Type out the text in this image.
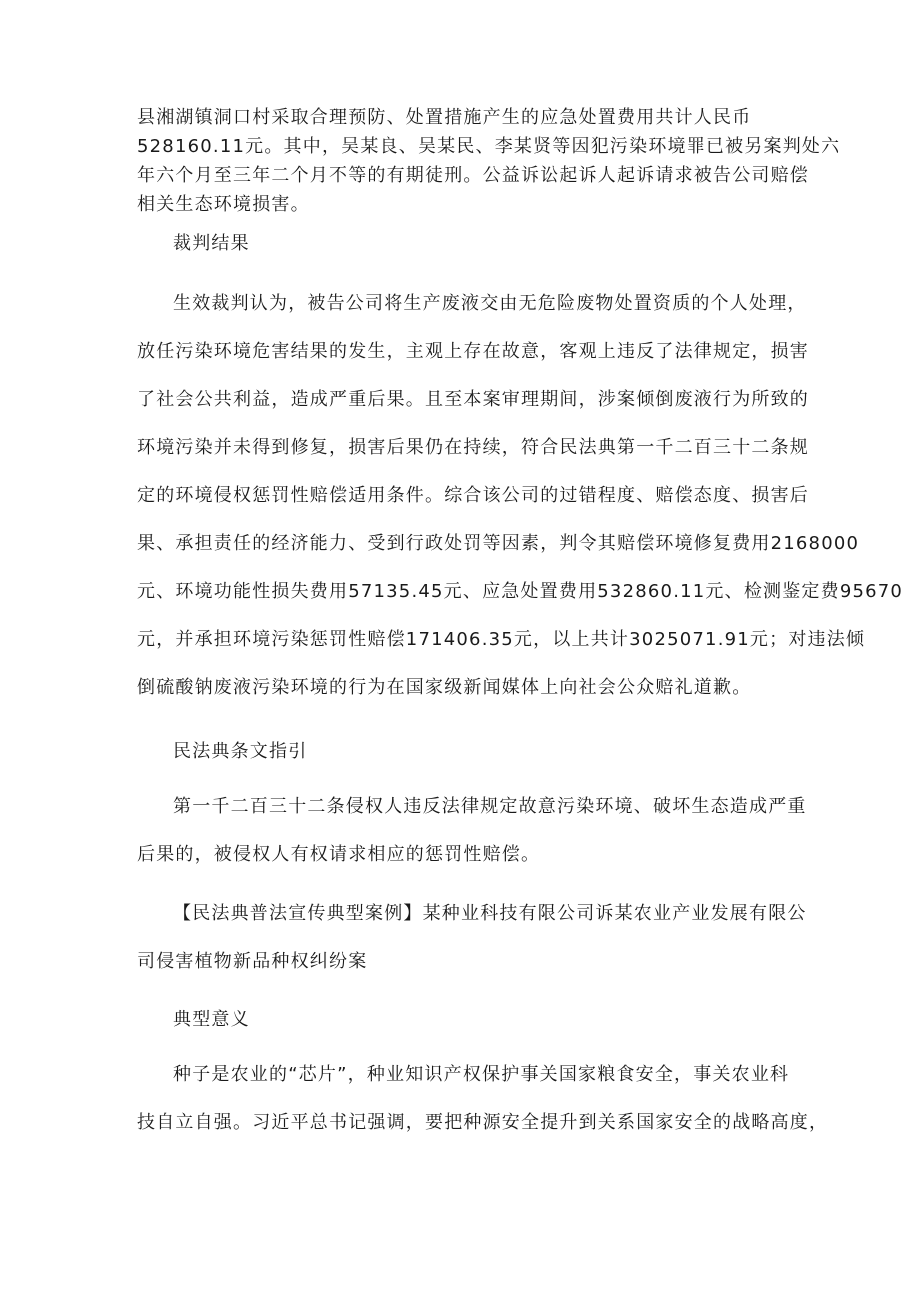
县湘湖镇洞口村采取合理预防、处置措施产生的应急处置费用共计人民币
528160.11元。其中，吴某良、吴某民、李某贤等因犯污染环境罪已被另案判处六
年六个月至三年二个月不等的有期徒刑。公益诉讼起诉人起诉请求被告公司赔偿
相关生态环境损害。

裁判结果

生效裁判认为，被告公司将生产废液交由无危险废物处置资质的个人处理，
放任污染环境危害结果的发生，主观上存在故意，客观上违反了法律规定，损害
了社会公共利益，造成严重后果。且至本案审理期间，涉案倾倒废液行为所致的
环境污染并未得到修复，损害后果仍在持续，符合民法典第一千二百三十二条规
定的环境侵权惩罚性赔偿适用条件。综合该公司的过错程度、赔偿态度、损害后
果、承担责任的经济能力、受到行政处罚等因素，判令其赔偿环境修复费用2168000
元、环境功能性损失费用57135.45元、应急处置费用532860.11元、检测鉴定费95670
元，并承担环境污染惩罚性赔偿171406.35元，以上共计3025071.91元；对违法倾
倒硫酸钠废液污染环境的行为在国家级新闻媒体上向社会公众赔礼道歉。

民法典条文指引

第一千二百三十二条侵权人违反法律规定故意污染环境、破坏生态造成严重
后果的，被侵权人有权请求相应的惩罚性赔偿。
【民法典普法宣传典型案例】某种业科技有限公司诉某农业产业发展有限公
司侵害植物新品种权纠纷案

典型意义

种子是农业的“芯片”，种业知识产权保护事关国家粮食安全，事关农业科
技自立自强。习近平总书记强调，要把种源安全提升到关系国家安全的战略高度，
